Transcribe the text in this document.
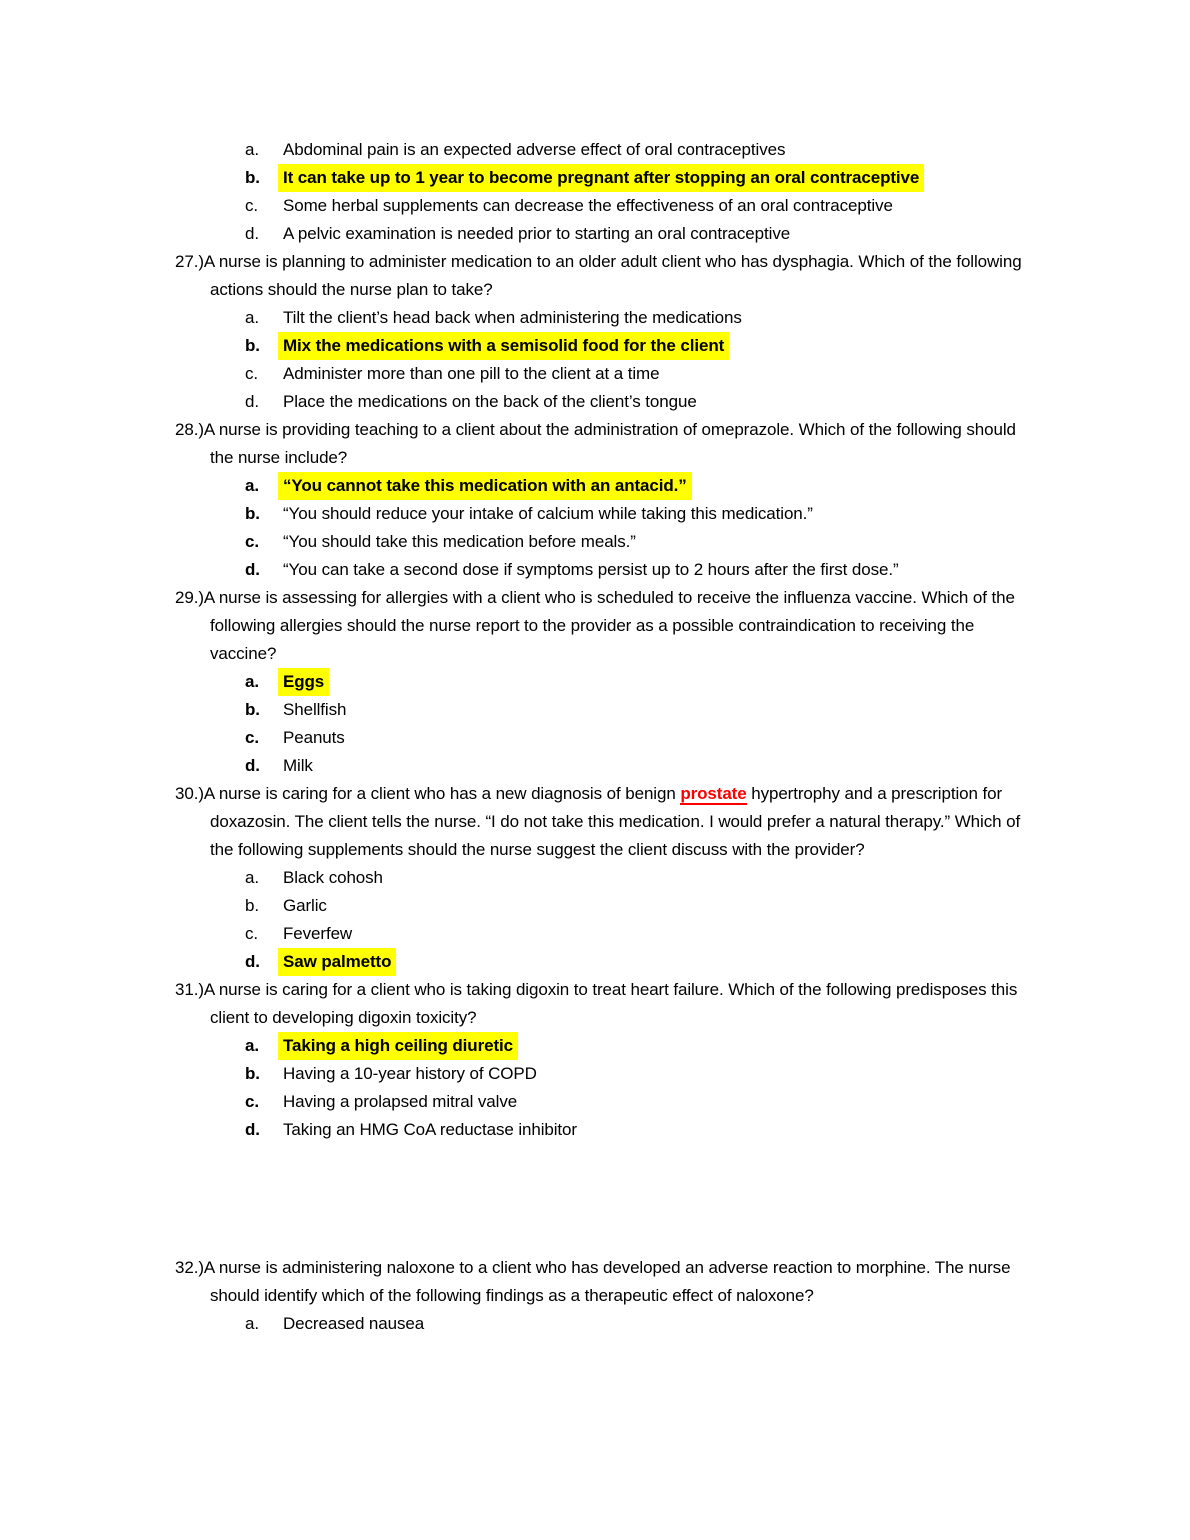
a.	Abdominal pain is an expected adverse effect of oral contraceptives
b.	It can take up to 1 year to become pregnant after stopping an oral contraceptive
c.	Some herbal supplements can decrease the effectiveness of an oral contraceptive
d.	A pelvic examination is needed prior to starting an oral contraceptive

27.)A nurse is planning to administer medication to an older adult client who has dysphagia. Which of the following actions should the nurse plan to take?

a.	Tilt the client’s head back when administering the medications
b.	Mix the medications with a semisolid food for the client
c.	Administer more than one pill to the client at a time
d.	Place the medications on the back of the client’s tongue

28.)A nurse is providing teaching to a client about the administration of omeprazole. Which of the following should the nurse include?

a.	“You cannot take this medication with an antacid.”
b.	“You should reduce your intake of calcium while taking this medication.”
c.	“You should take this medication before meals.”
d.	“You can take a second dose if symptoms persist up to 2 hours after the first dose.”

29.)A nurse is assessing for allergies with a client who is scheduled to receive the influenza vaccine. Which of the following allergies should the nurse report to the provider as a possible contraindication to receiving the vaccine?

a.	Eggs
b.	Shellfish
c.	Peanuts
d.	Milk

30.)A nurse is caring for a client who has a new diagnosis of benign prostate hypertrophy and a prescription for doxazosin. The client tells the nurse. “I do not take this medication. I would prefer a natural therapy.” Which of the following supplements should the nurse suggest the client discuss with the provider?

a.	Black cohosh
b.	Garlic
c.	Feverfew
d.	Saw palmetto

31.)A nurse is caring for a client who is taking digoxin to treat heart failure. Which of the following predisposes this client to developing digoxin toxicity?

a.	Taking a high ceiling diuretic
b.	Having a 10-year history of COPD
c.	Having a prolapsed mitral valve
d.	Taking an HMG CoA reductase inhibitor

32.)A nurse is administering naloxone to a client who has developed an adverse reaction to morphine. The nurse should identify which of the following findings as a therapeutic effect of naloxone?

a.	Decreased nausea
